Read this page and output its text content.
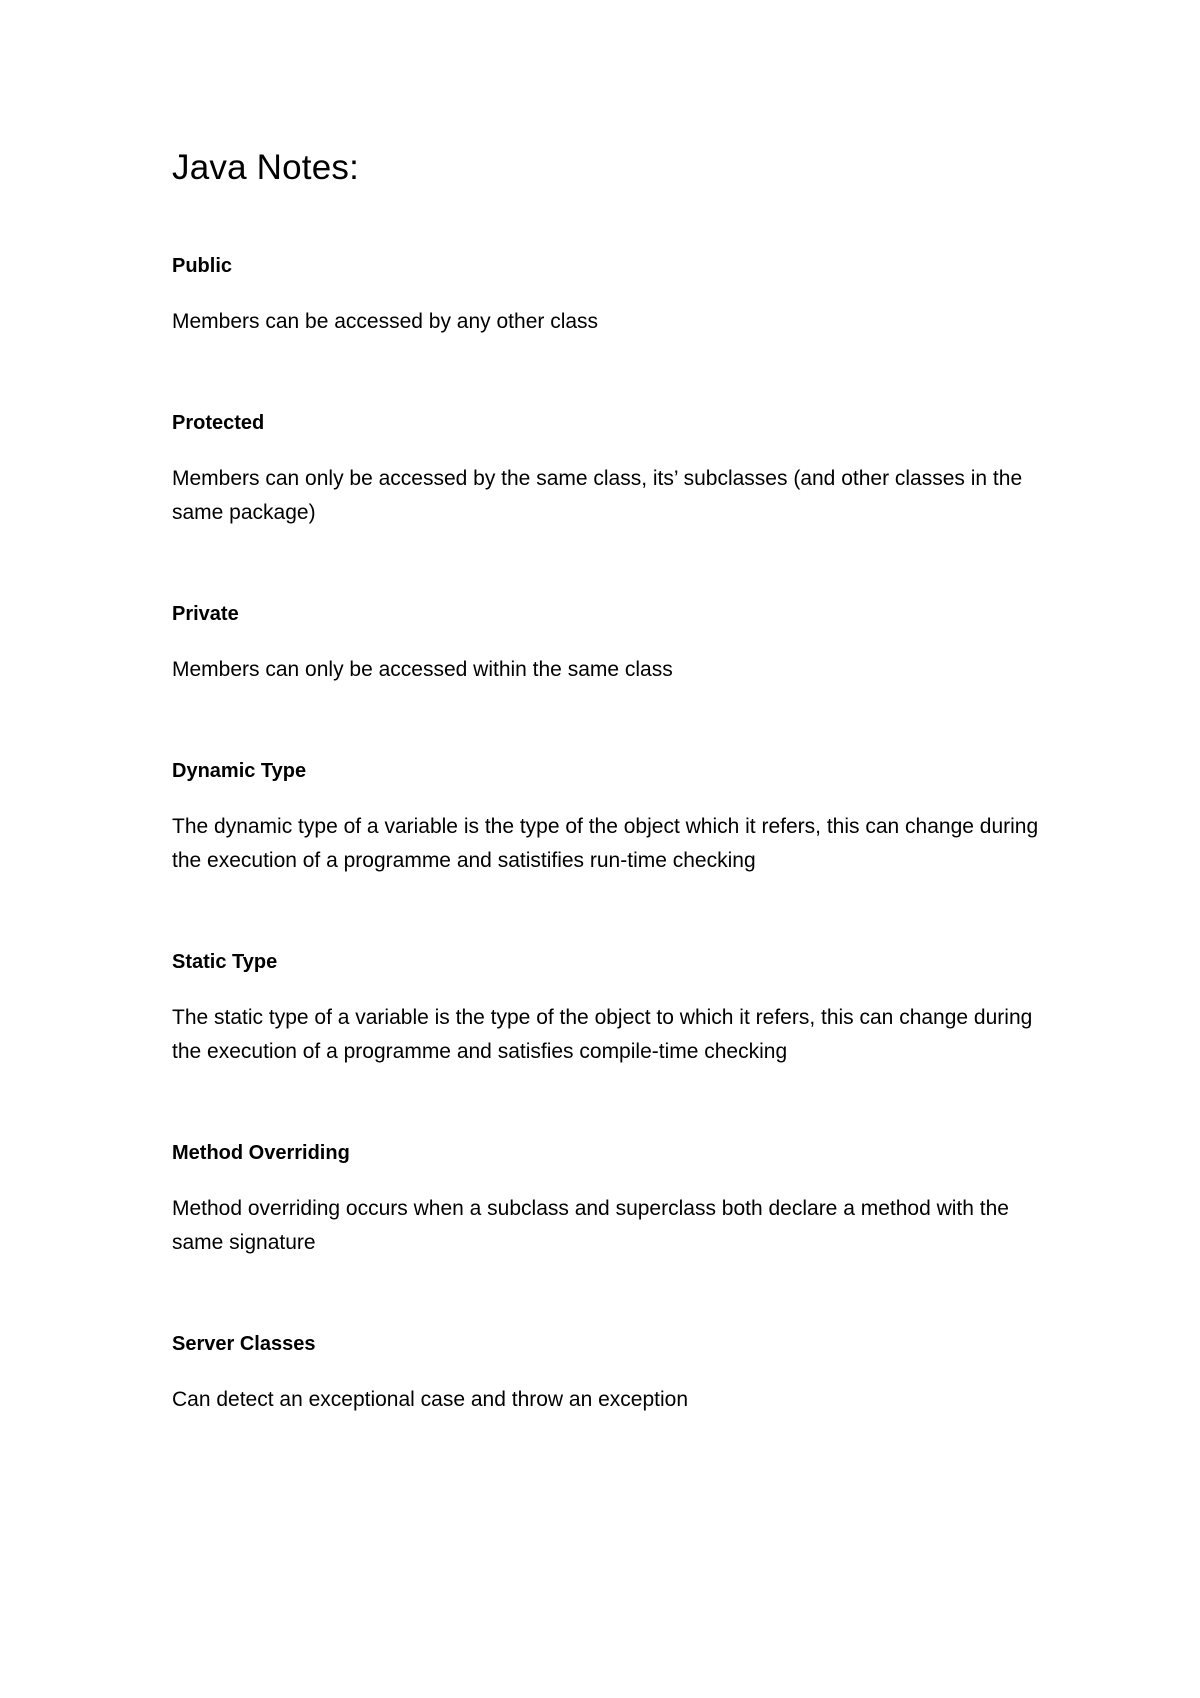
Java Notes:

Public

Members can be accessed by any other class

Protected

Members can only be accessed by the same class, its’ subclasses (and other classes in the same package)

Private

Members can only be accessed within the same class

Dynamic Type

The dynamic type of a variable is the type of the object which it refers, this can change during the execution of a programme and satistifies run-time checking

Static Type

The static type of a variable is the type of the object to which it refers, this can change during the execution of a programme and satisfies compile-time checking

Method Overriding

Method overriding occurs when a subclass and superclass both declare a method with the same signature

Server Classes

Can detect an exceptional case and throw an exception
